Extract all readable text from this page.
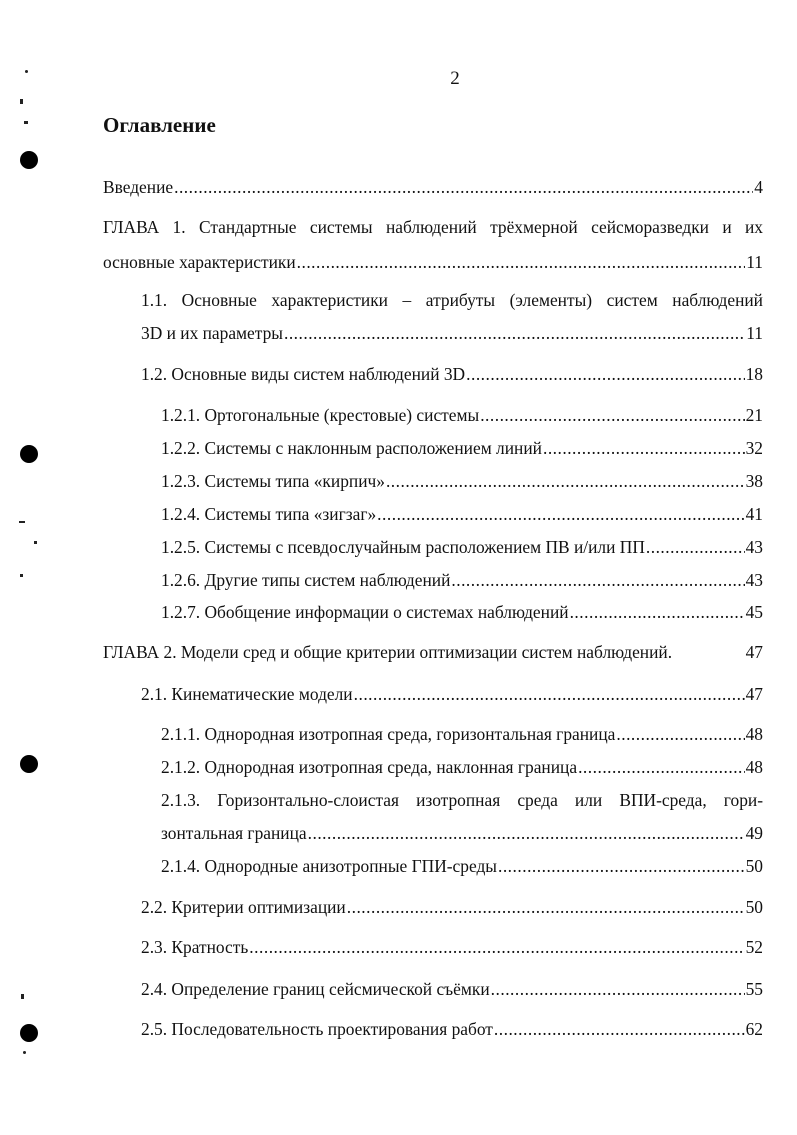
2
Оглавление
Введение .....	4
ГЛАВА 1. Стандартные системы наблюдений трёхмерной сейсморазведки и их
основные характеристики .....	11
1.1. Основные характеристики – атрибуты (элементы) систем наблюдений
3D и их параметры .....	11
1.2. Основные виды систем наблюдений 3D .....	18
1.2.1. Ортогональные (крестовые) системы .....	21
1.2.2. Системы с наклонным расположением линий .....	32
1.2.3. Системы типа «кирпич» .....	38
1.2.4. Системы типа «зигзаг» .....	41
1.2.5. Системы с псевдослучайным расположением ПВ и/или ПП .....	43
1.2.6. Другие типы систем наблюдений .....	43
1.2.7. Обобщение информации о системах наблюдений .....	45
ГЛАВА 2. Модели сред и общие критерии оптимизации систем наблюдений.	47
2.1. Кинематические модели .....	47
2.1.1. Однородная изотропная среда, горизонтальная граница .....	48
2.1.2. Однородная изотропная среда, наклонная граница .....	48
2.1.3. Горизонтально-слоистая изотропная среда или ВПИ-среда, гори-
зонтальная граница .....	49
2.1.4. Однородные анизотропные ГПИ-среды .....	50
2.2. Критерии оптимизации .....	50
2.3. Кратность .....	52
2.4. Определение границ сейсмической съёмки .....	55
2.5. Последовательность проектирования работ .....	62
